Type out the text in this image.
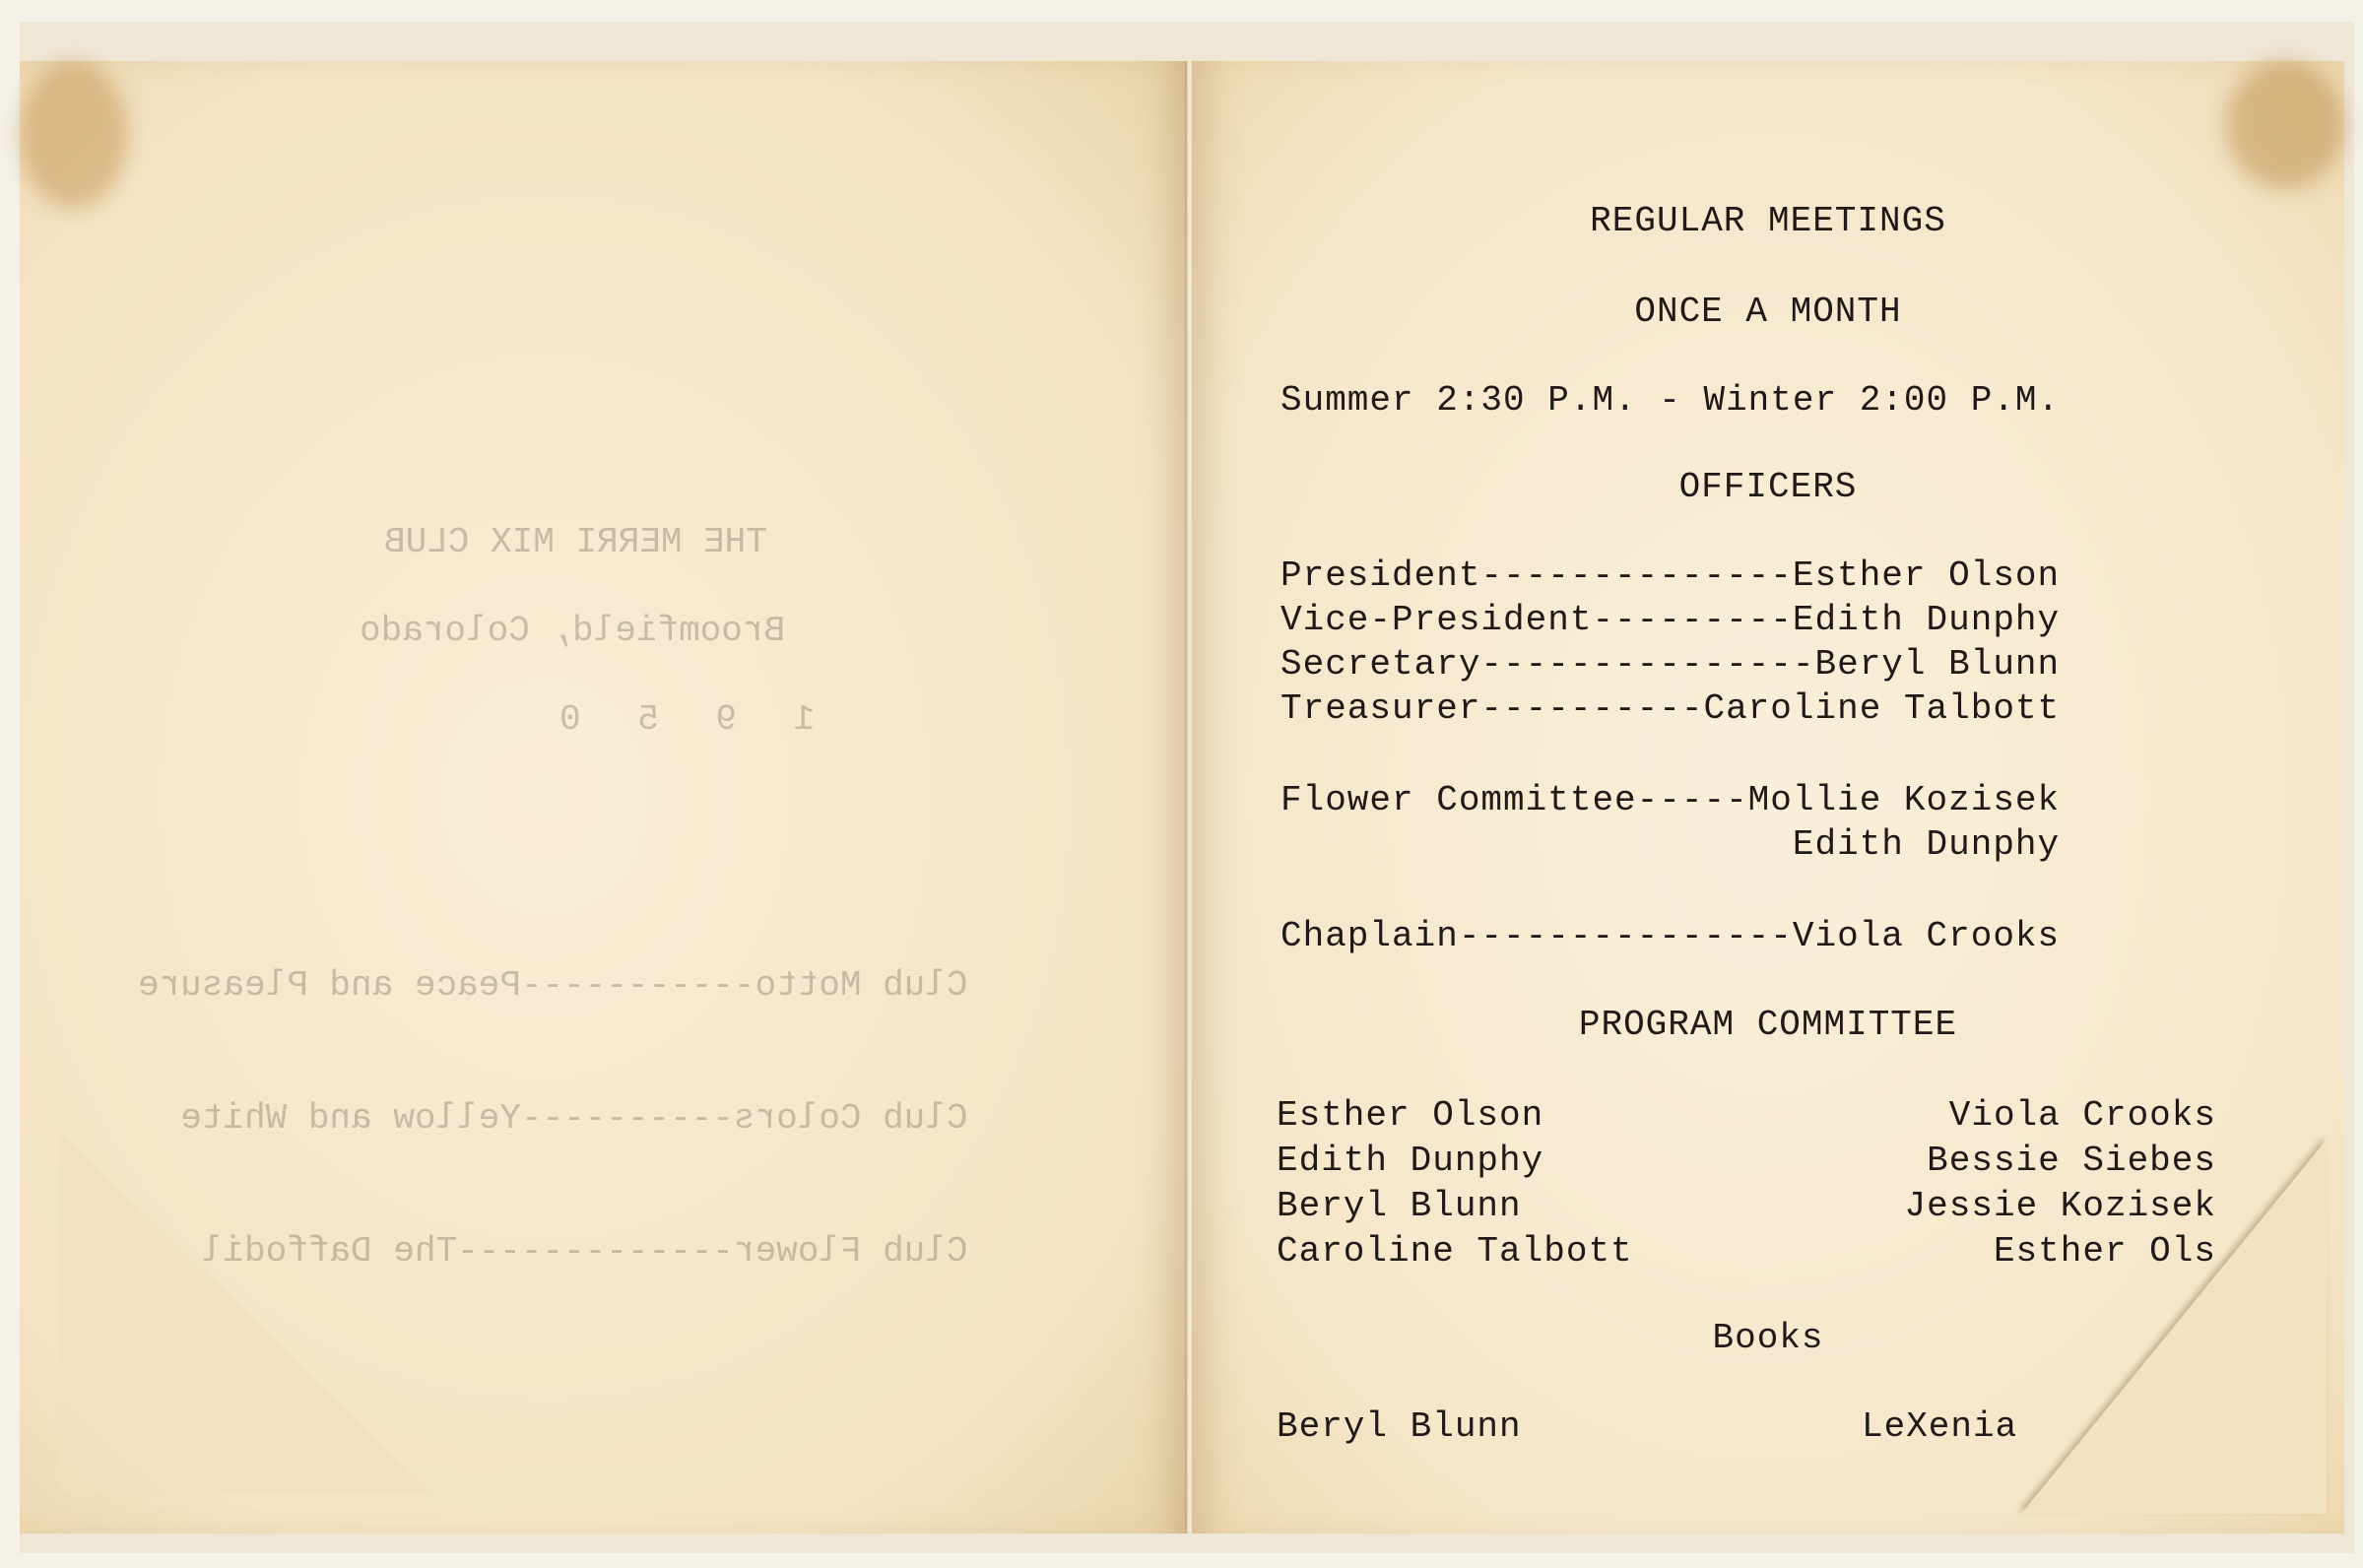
THE MERRI MIX CLUB
Broomfield, Colorado
1 9 5 0

Club Motto-----------Peace and Pleasure

Club Colors----------Yellow and White

Club Flower-------------The Daffodil

REGULAR MEETINGS
ONCE A MONTH
Summer 2:30 P.M. - Winter 2:00 P.M.
OFFICERS
President--------------Esther Olson
Vice-President---------Edith Dunphy
Secretary---------------Beryl Blunn
Treasurer----------Caroline Talbott
Flower Committee-----Mollie Kozisek
Edith Dunphy
Chaplain---------------Viola Crooks
PROGRAM COMMITTEE
Esther Olson
Edith Dunphy
Beryl Blunn
Caroline Talbott
Viola Crooks
Bessie Siebes
Jessie Kozisek
Esther Ols
Books
Beryl Blunn	LeXenia
